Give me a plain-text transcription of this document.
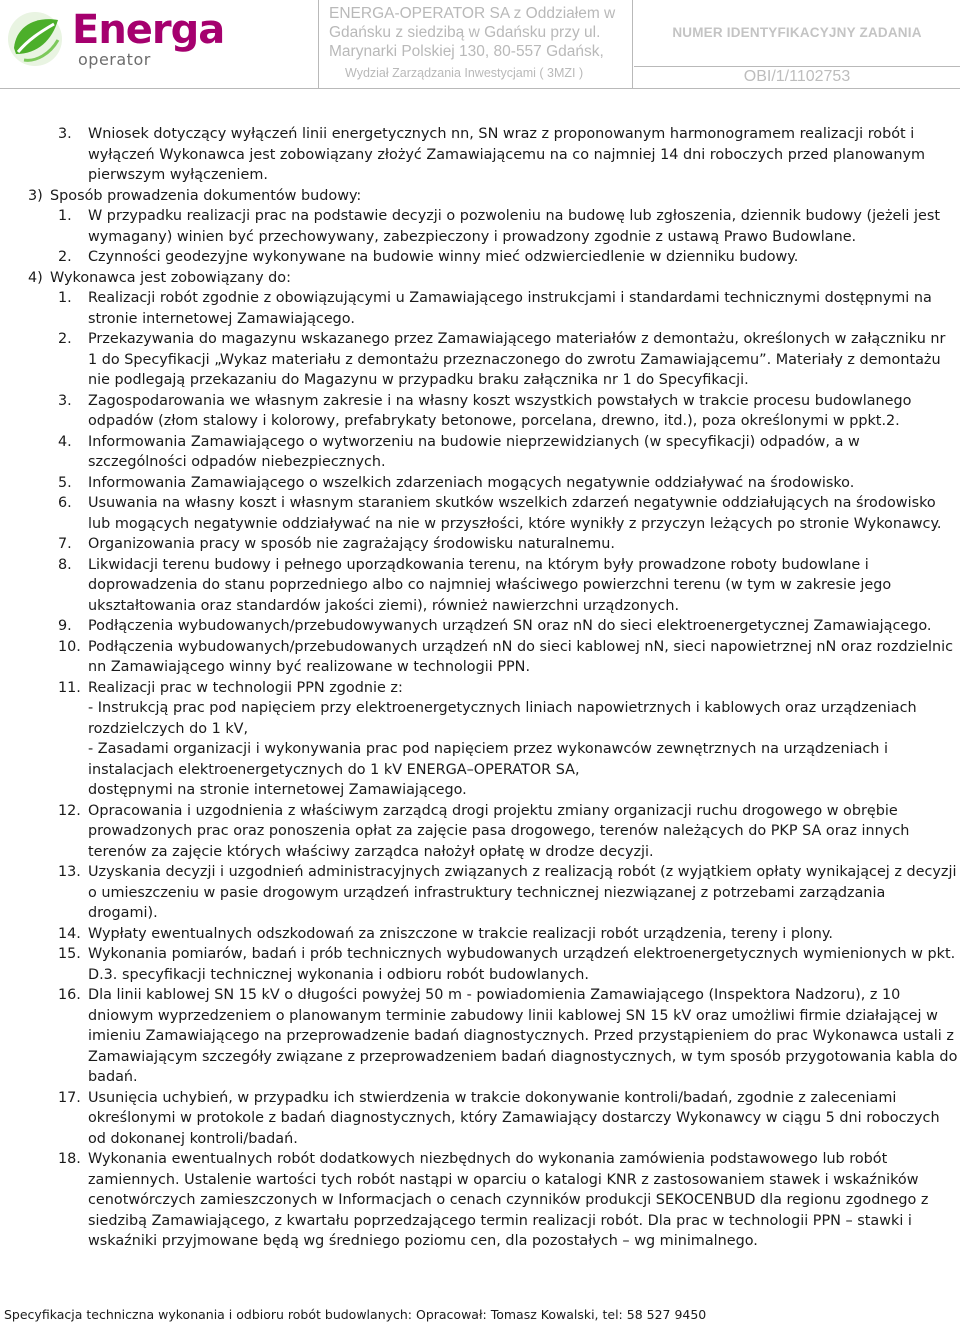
Energa
operator
ENERGA-OPERATOR SA z Oddziałem w
Gdańsku z siedzibą w Gdańsku przy ul.
Marynarki Polskiej 130, 80-557 Gdańsk,
Wydział Zarządzania Inwestycjami ( 3MZI )
NUMER IDENTYFIKACYJNY ZADANIA
OBI/1/1102753
3. Wniosek dotyczący wyłączeń linii energetycznych nn, SN wraz z proponowanym harmonogramem realizacji robót i wyłączeń Wykonawca jest zobowiązany złożyć Zamawiającemu na co najmniej 14 dni roboczych przed planowanym pierwszym wyłączeniem.
3) Sposób prowadzenia dokumentów budowy:
1. W przypadku realizacji prac na podstawie decyzji o pozwoleniu na budowę lub zgłoszenia, dziennik budowy (jeżeli jest wymagany) winien być przechowywany, zabezpieczony i prowadzony zgodnie z ustawą Prawo Budowlane.
2. Czynności geodezyjne wykonywane na budowie winny mieć odzwierciedlenie w dzienniku budowy.
4) Wykonawca jest zobowiązany do:
1. Realizacji robót zgodnie z obowiązującymi u Zamawiającego instrukcjami i standardami technicznymi dostępnymi na stronie internetowej Zamawiającego.
2. Przekazywania do magazynu wskazanego przez Zamawiającego materiałów z demontażu, określonych w załączniku nr 1 do Specyfikacji „Wykaz materiału z demontażu przeznaczonego do zwrotu Zamawiającemu”. Materiały z demontażu nie podlegają przekazaniu do Magazynu w przypadku braku załącznika nr 1 do Specyfikacji.
3. Zagospodarowania we własnym zakresie i na własny koszt wszystkich powstałych w trakcie procesu budowlanego odpadów (złom stalowy i kolorowy, prefabrykaty betonowe, porcelana, drewno, itd.), poza określonymi w ppkt.2.
4. Informowania Zamawiającego o wytworzeniu na budowie nieprzewidzianych (w specyfikacji) odpadów, a w szczególności odpadów niebezpiecznych.
5. Informowania Zamawiającego o wszelkich zdarzeniach mogących negatywnie oddziaływać na środowisko.
6. Usuwania na własny koszt i własnym staraniem skutków wszelkich zdarzeń negatywnie oddziałujących na środowisko lub mogących negatywnie oddziaływać na nie w przyszłości, które wynikły z przyczyn leżących po stronie Wykonawcy.
7. Organizowania pracy w sposób nie zagrażający środowisku naturalnemu.
8. Likwidacji terenu budowy i pełnego uporządkowania terenu, na którym były prowadzone roboty budowlane i doprowadzenia do stanu poprzedniego albo co najmniej właściwego powierzchni terenu (w tym w zakresie jego ukształtowania oraz standardów jakości ziemi), również nawierzchni urządzonych.
9. Podłączenia wybudowanych/przebudowywanych urządzeń SN oraz nN do sieci elektroenergetycznej Zamawiającego.
10. Podłączenia wybudowanych/przebudowanych urządzeń nN do sieci kablowej nN, sieci napowietrznej nN oraz rozdzielnic nn Zamawiającego winny być realizowane w technologii PPN.
11. Realizacji prac w technologii PPN zgodnie z:
- Instrukcją prac pod napięciem przy elektroenergetycznych liniach napowietrznych i kablowych oraz urządzeniach rozdzielczych do 1 kV,
- Zasadami organizacji i wykonywania prac pod napięciem przez wykonawców zewnętrznych na urządzeniach i instalacjach elektroenergetycznych do 1 kV ENERGA–OPERATOR SA,
dostępnymi na stronie internetowej Zamawiającego.
12. Opracowania i uzgodnienia z właściwym zarządcą drogi projektu zmiany organizacji ruchu drogowego w obrębie prowadzonych prac oraz ponoszenia opłat za zajęcie pasa drogowego, terenów należących do PKP SA oraz innych terenów za zajęcie których właściwy zarządca nałożył opłatę w drodze decyzji.
13. Uzyskania decyzji i uzgodnień administracyjnych związanych z realizacją robót (z wyjątkiem opłaty wynikającej z decyzji o umieszczeniu w pasie drogowym urządzeń infrastruktury technicznej niezwiązanej z potrzebami zarządzania drogami).
14. Wypłaty ewentualnych odszkodowań za zniszczone w trakcie realizacji robót urządzenia, tereny i plony.
15. Wykonania pomiarów, badań i prób technicznych wybudowanych urządzeń elektroenergetycznych wymienionych w pkt. D.3. specyfikacji technicznej wykonania i odbioru robót budowlanych.
16. Dla linii kablowej SN 15 kV o długości powyżej 50 m - powiadomienia Zamawiającego (Inspektora Nadzoru), z 10 dniowym wyprzedzeniem o planowanym terminie zabudowy linii kablowej SN 15 kV oraz umożliwi firmie działającej w imieniu Zamawiającego na przeprowadzenie badań diagnostycznych. Przed przystąpieniem do prac Wykonawca ustali z Zamawiającym szczegóły związane z przeprowadzeniem badań diagnostycznych, w tym sposób przygotowania kabla do badań.
17. Usunięcia uchybień, w przypadku ich stwierdzenia w trakcie dokonywanie kontroli/badań, zgodnie z zaleceniami określonymi w protokole z badań diagnostycznych, który Zamawiający dostarczy Wykonawcy w ciągu 5 dni roboczych od dokonanej kontroli/badań.
18. Wykonania ewentualnych robót dodatkowych niezbędnych do wykonania zamówienia podstawowego lub robót zamiennych. Ustalenie wartości tych robót nastąpi w oparciu o katalogi KNR z zastosowaniem stawek i wskaźników cenotwórczych zamieszczonych w Informacjach o cenach czynników produkcji SEKOCENBUD dla regionu zgodnego z siedzibą Zamawiającego, z kwartału poprzedzającego termin realizacji robót. Dla prac w technologii PPN – stawki i wskaźniki przyjmowane będą wg średniego poziomu cen, dla pozostałych – wg minimalnego.
Specyfikacja techniczna wykonania i odbioru robót budowlanych: Opracował: Tomasz Kowalski, tel: 58 527 9450
